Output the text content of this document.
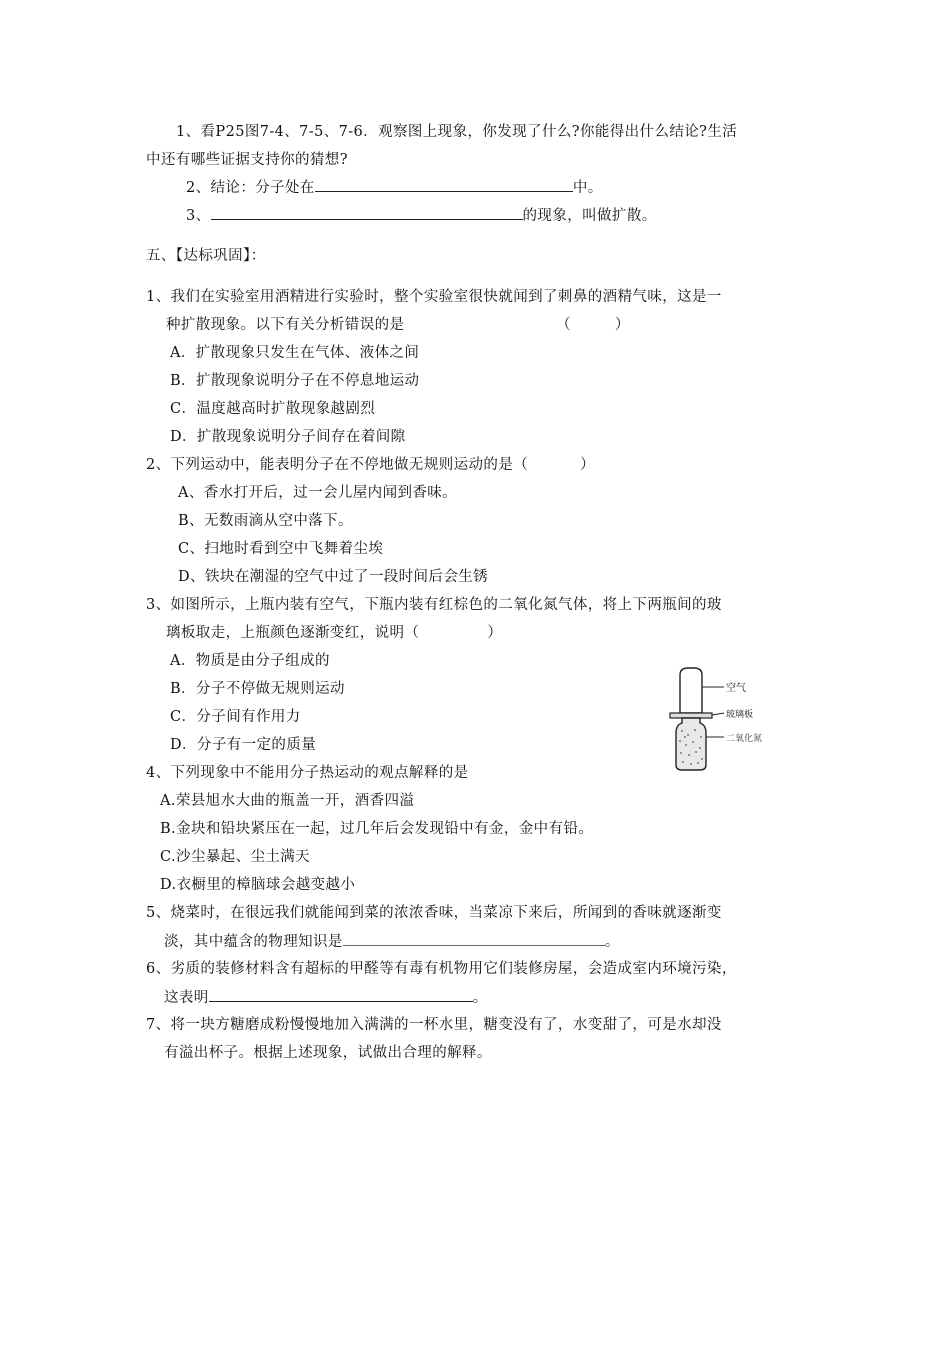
1、看P25图7-4、7-5、7-6．观察图上现象，你发现了什么?你能得出什么结论?生活
中还有哪些证据支持你的猜想?
2、结论：分子处在	中。
3、	的现象，叫做扩散。
五、【达标巩固】：
1、我们在实验室用酒精进行实验时，整个实验室很快就闻到了刺鼻的酒精气味，这是一
种扩散现象。以下有关分析错误的是	（	）
A．扩散现象只发生在气体、液体之间
B．扩散现象说明分子在不停息地运动
C．温度越高时扩散现象越剧烈
D．扩散现象说明分子间存在着间隙
2、下列运动中，能表明分子在不停地做无规则运动的是（	）
A、香水打开后，过一会儿屋内闻到香味。
B、无数雨滴从空中落下。
C、扫地时看到空中飞舞着尘埃
D、铁块在潮湿的空气中过了一段时间后会生锈
3、如图所示，上瓶内装有空气，下瓶内装有红棕色的二氧化氮气体，将上下两瓶间的玻
璃板取走，上瓶颜色逐渐变红，说明（	）
A．物质是由分子组成的
B．分子不停做无规则运动
C．分子间有作用力
D．分子有一定的质量
空气
玻璃板
二氧化氮
4、下列现象中不能用分子热运动的观点解释的是
A.荣县旭水大曲的瓶盖一开，酒香四溢
B.金块和铅块紧压在一起，过几年后会发现铅中有金，金中有铅。
C.沙尘暴起、尘土满天
D.衣橱里的樟脑球会越变越小
5、烧菜时，在很远我们就能闻到菜的浓浓香味，当菜凉下来后，所闻到的香味就逐渐变
淡，其中蕴含的物理知识是	。
6、劣质的装修材料含有超标的甲醛等有毒有机物用它们装修房屋，会造成室内环境污染，
这表明	。
7、将一块方糖磨成粉慢慢地加入满满的一杯水里，糖变没有了，水变甜了，可是水却没
有溢出杯子。根据上述现象，试做出合理的解释。
